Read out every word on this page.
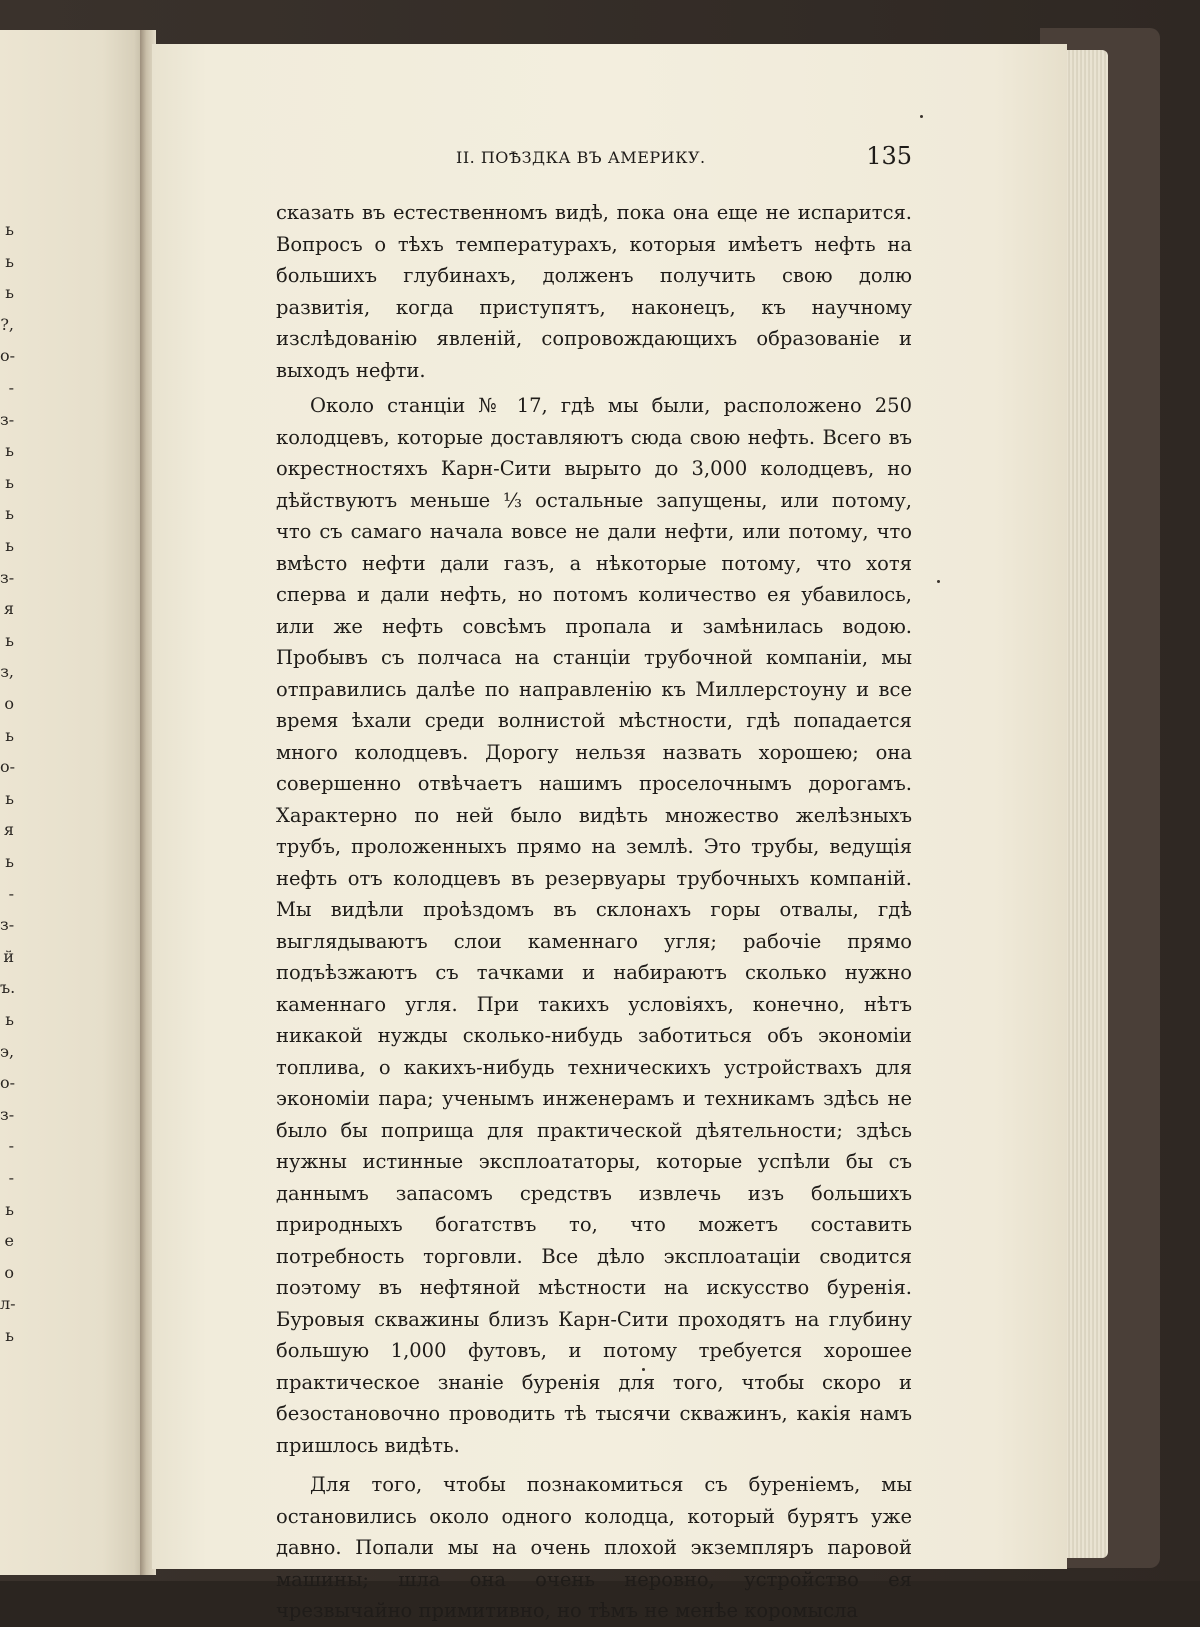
ь
ь
ь
?,
о-
-
з-
ь
ь
ь
ь
з-
я
ь
з,
о
ь
о-
ь
я
ь
-
з-
й
ъ.
ь
э,
о-
з-
-
-
ь
е
о
л-
ь
II. ПОѢЗДКА ВЪ АМЕРИКУ.	135

сказать въ естественномъ видѣ, пока она еще не испарится. Вопросъ о тѣхъ температурахъ, которыя имѣетъ нефть на большихъ глубинахъ, долженъ получить свою долю развитія, когда приступятъ, наконецъ, къ научному изслѣдованію явленій, сопровождающихъ образованіе и выходъ нефти.

Около станціи № 17, гдѣ мы были, расположено 250 колодцевъ, которые доставляютъ сюда свою нефть. Всего въ окрестностяхъ Карн-Сити вырыто до 3,000 колодцевъ, но дѣйствуютъ меньше ⅓ остальные запущены, или потому, что съ самаго начала вовсе не дали нефти, или потому, что вмѣсто нефти дали газъ, а нѣкоторые потому, что хотя сперва и дали нефть, но потомъ количество ея убавилось, или же нефть совсѣмъ пропала и замѣнилась водою. Пробывъ съ полчаса на станціи трубочной компаніи, мы отправились далѣе по направленію къ Миллерстоуну и все время ѣхали среди волнистой мѣстности, гдѣ попадается много колодцевъ. Дорогу нельзя назвать хорошею; она совершенно отвѣчаетъ нашимъ проселочнымъ дорогамъ. Характерно по ней было видѣть множество желѣзныхъ трубъ, проложенныхъ прямо на землѣ. Это трубы, ведущія нефть отъ колодцевъ въ резервуары трубочныхъ компаній. Мы видѣли проѣздомъ въ склонахъ горы отвалы, гдѣ выглядываютъ слои каменнаго угля; рабочіе прямо подъѣзжаютъ съ тачками и набираютъ сколько нужно каменнаго угля. При такихъ условіяхъ, конечно, нѣтъ никакой нужды сколько-нибудь заботиться объ экономіи топлива, о какихъ-нибудь техническихъ устройствахъ для экономіи пара; ученымъ инженерамъ и техникамъ здѣсь не было бы поприща для практической дѣятельности; здѣсь нужны истинные эксплоататоры, которые успѣли бы съ даннымъ запасомъ средствъ извлечь изъ большихъ природныхъ богатствъ то, что можетъ составить потребность торговли. Все дѣло эксплоатаціи сводится поэтому въ нефтяной мѣстности на искусство буренія. Буровыя скважины близъ Карн-Сити проходятъ на глубину большую 1,000 футовъ, и потому требуется хорошее практическое знаніе буренія для того, чтобы скоро и безостановочно проводить тѣ тысячи скважинъ, какія намъ пришлось видѣть.

Для того, чтобы познакомиться съ буреніемъ, мы остановились около одного колодца, который бурятъ уже давно. Попали мы на очень плохой экземпляръ паровой машины; шла она очень неровно, устройство ея чрезвычайно примитивно, но тѣмъ не менѣе коромысла
